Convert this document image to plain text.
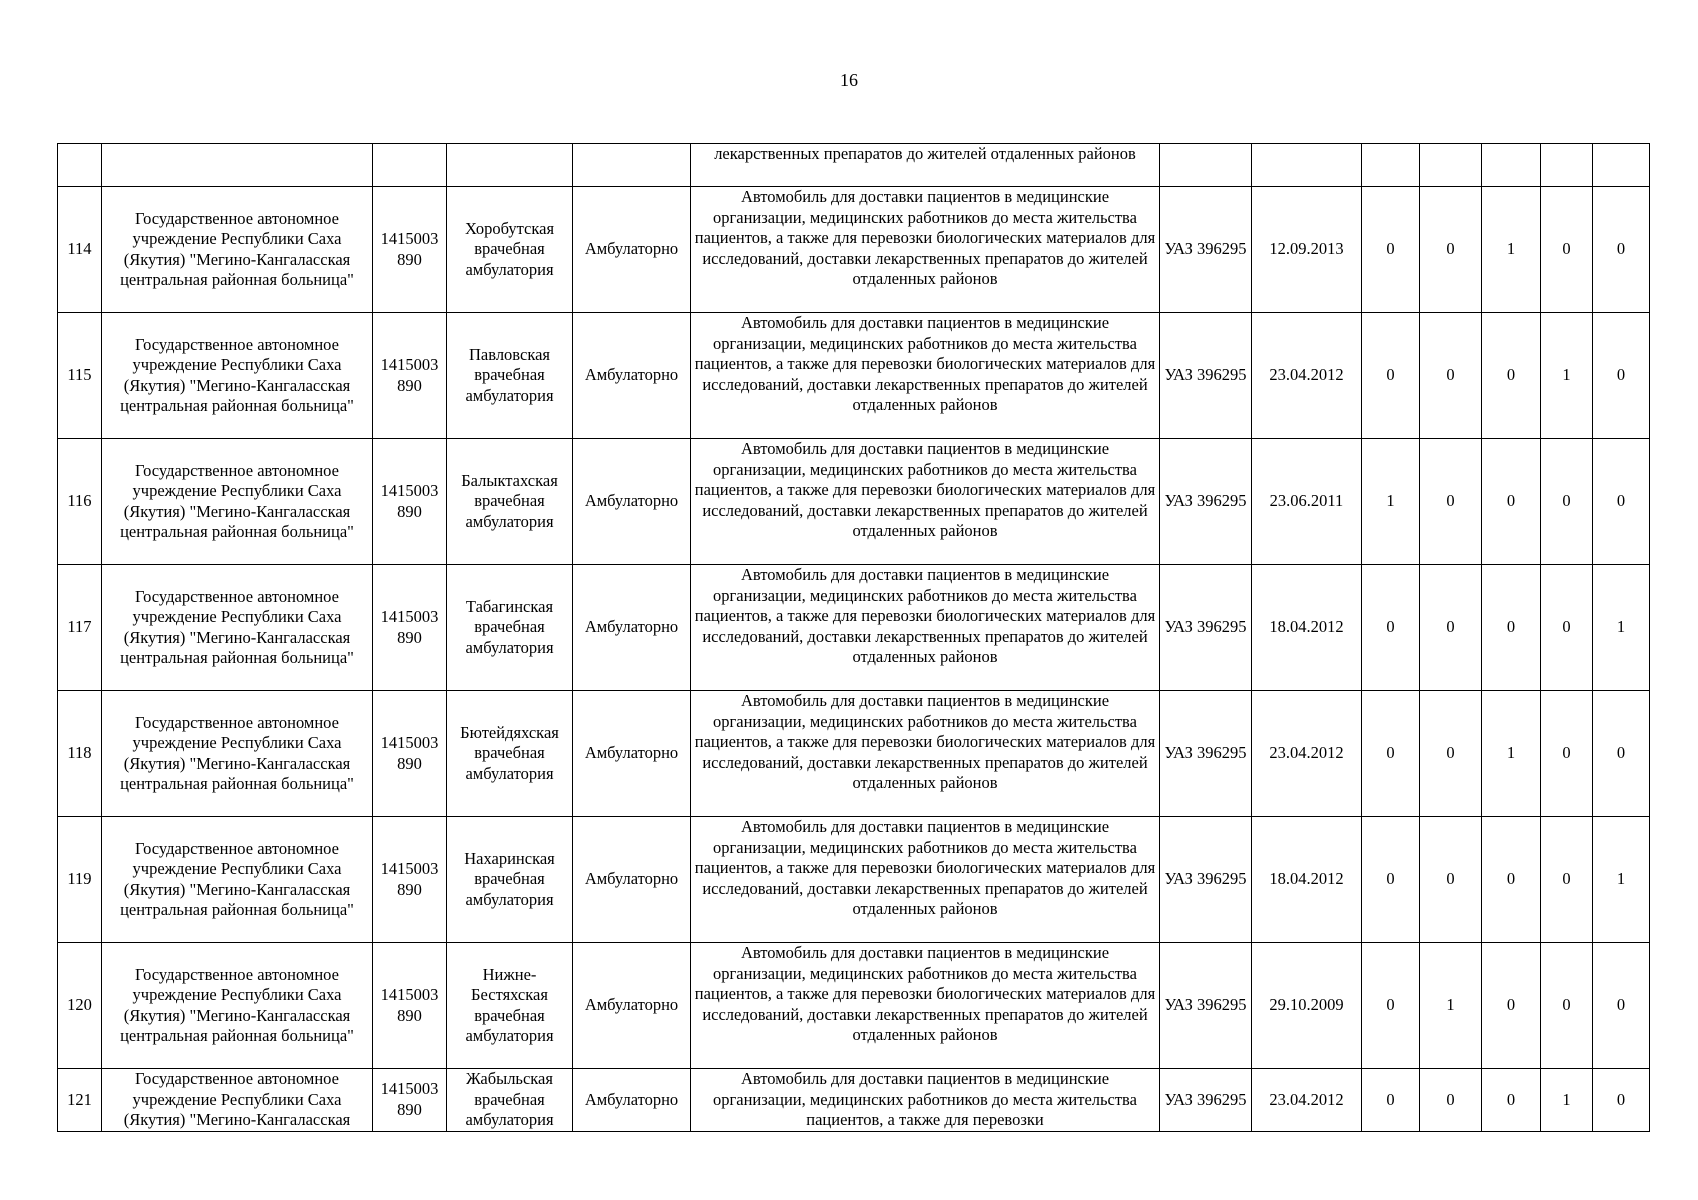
16
					лекарственных препаратов до жителей отдаленных районов							
114	Государственное автономное учреждение Республики Саха (Якутия) "Мегино-Кангаласская центральная районная больница"	1415003 890	Хоробутская врачебная амбулатория	Амбулаторно	Автомобиль для доставки пациентов в медицинские организации, медицинских работников до места жительства пациентов, а также для перевозки биологических материалов для исследований, доставки лекарственных препаратов до жителей отдаленных районов	УАЗ 396295	12.09.2013	0	0	1	0	0
115	Государственное автономное учреждение Республики Саха (Якутия) "Мегино-Кангаласская центральная районная больница"	1415003 890	Павловская врачебная амбулатория	Амбулаторно	Автомобиль для доставки пациентов в медицинские организации, медицинских работников до места жительства пациентов, а также для перевозки биологических материалов для исследований, доставки лекарственных препаратов до жителей отдаленных районов	УАЗ 396295	23.04.2012	0	0	0	1	0
116	Государственное автономное учреждение Республики Саха (Якутия) "Мегино-Кангаласская центральная районная больница"	1415003 890	Балыктахская врачебная амбулатория	Амбулаторно	Автомобиль для доставки пациентов в медицинские организации, медицинских работников до места жительства пациентов, а также для перевозки биологических материалов для исследований, доставки лекарственных препаратов до жителей отдаленных районов	УАЗ 396295	23.06.2011	1	0	0	0	0
117	Государственное автономное учреждение Республики Саха (Якутия) "Мегино-Кангаласская центральная районная больница"	1415003 890	Табагинская врачебная амбулатория	Амбулаторно	Автомобиль для доставки пациентов в медицинские организации, медицинских работников до места жительства пациентов, а также для перевозки биологических материалов для исследований, доставки лекарственных препаратов до жителей отдаленных районов	УАЗ 396295	18.04.2012	0	0	0	0	1
118	Государственное автономное учреждение Республики Саха (Якутия) "Мегино-Кангаласская центральная районная больница"	1415003 890	Бютейдяхская врачебная амбулатория	Амбулаторно	Автомобиль для доставки пациентов в медицинские организации, медицинских работников до места жительства пациентов, а также для перевозки биологических материалов для исследований, доставки лекарственных препаратов до жителей отдаленных районов	УАЗ 396295	23.04.2012	0	0	1	0	0
119	Государственное автономное учреждение Республики Саха (Якутия) "Мегино-Кангаласская центральная районная больница"	1415003 890	Нахаринская врачебная амбулатория	Амбулаторно	Автомобиль для доставки пациентов в медицинские организации, медицинских работников до места жительства пациентов, а также для перевозки биологических материалов для исследований, доставки лекарственных препаратов до жителей отдаленных районов	УАЗ 396295	18.04.2012	0	0	0	0	1
120	Государственное автономное учреждение Республики Саха (Якутия) "Мегино-Кангаласская центральная районная больница"	1415003 890	Нижне-Бестяхская врачебная амбулатория	Амбулаторно	Автомобиль для доставки пациентов в медицинские организации, медицинских работников до места жительства пациентов, а также для перевозки биологических материалов для исследований, доставки лекарственных препаратов до жителей отдаленных районов	УАЗ 396295	29.10.2009	0	1	0	0	0
121	Государственное автономное учреждение Республики Саха (Якутия) "Мегино-Кангаласская	1415003 890	Жабыльская врачебная амбулатория	Амбулаторно	Автомобиль для доставки пациентов в медицинские организации, медицинских работников до места жительства пациентов, а также для перевозки	УАЗ 396295	23.04.2012	0	0	0	1	0
